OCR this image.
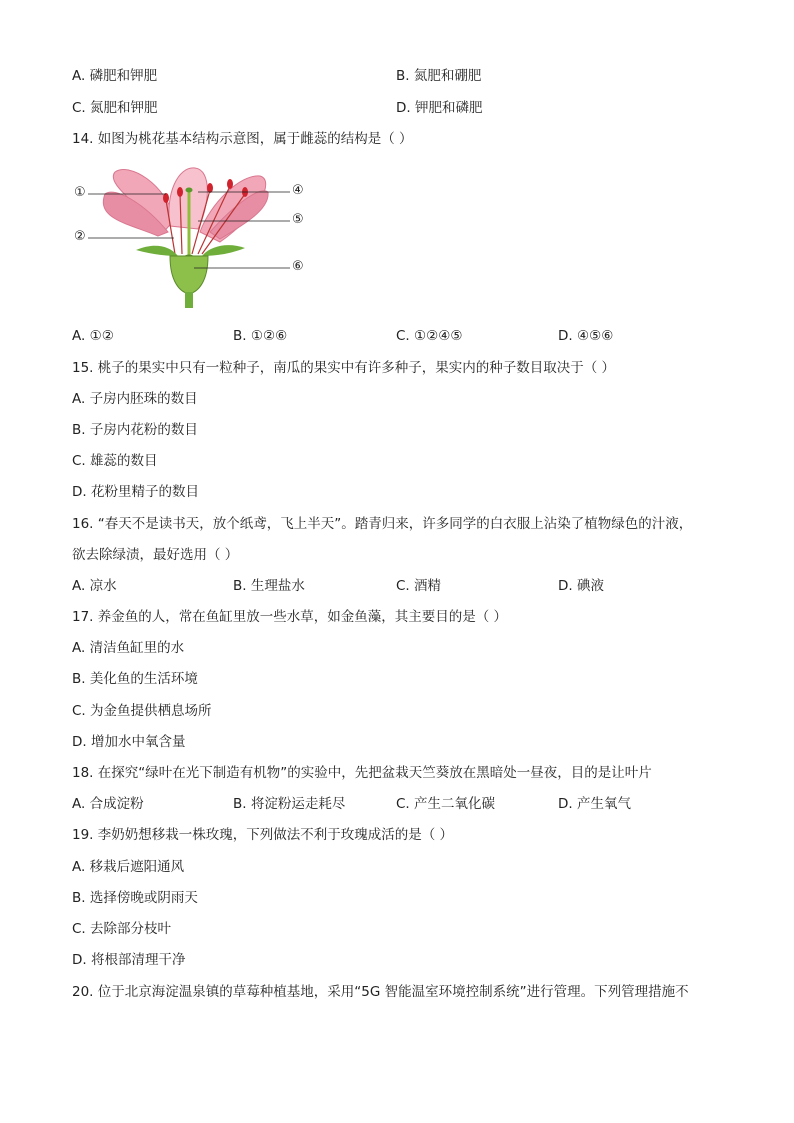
A. 磷肥和钾肥	B. 氮肥和硼肥
C. 氮肥和钾肥	D. 钾肥和磷肥
14. 如图为桃花基本结构示意图，属于雌蕊的结构是（ ）
①
②
④
⑤
⑥
A. ①②	B. ①②⑥	C. ①②④⑤	D. ④⑤⑥
15. 桃子的果实中只有一粒种子，南瓜的果实中有许多种子，果实内的种子数目取决于（ ）
A. 子房内胚珠的数目
B. 子房内花粉的数目
C. 雄蕊的数目
D. 花粉里精子的数目
16. “春天不是读书天，放个纸鸢，飞上半天”。踏青归来，许多同学的白衣服上沾染了植物绿色的汁液，
欲去除绿渍，最好选用（ ）
A. 凉水	B. 生理盐水	C. 酒精	D. 碘液
17. 养金鱼的人，常在鱼缸里放一些水草，如金鱼藻，其主要目的是（ ）
A. 清洁鱼缸里的水
B. 美化鱼的生活环境
C. 为金鱼提供栖息场所
D. 增加水中氧含量
18. 在探究“绿叶在光下制造有机物”的实验中，先把盆栽天竺葵放在黑暗处一昼夜，目的是让叶片
A. 合成淀粉	B. 将淀粉运走耗尽	C. 产生二氧化碳	D. 产生氧气
19. 李奶奶想移栽一株玫瑰，下列做法不利于玫瑰成活的是（ ）
A. 移栽后遮阳通风
B. 选择傍晚或阴雨天
C. 去除部分枝叶
D. 将根部清理干净
20. 位于北京海淀温泉镇的草莓种植基地，采用“5G 智能温室环境控制系统”进行管理。下列管理措施不
